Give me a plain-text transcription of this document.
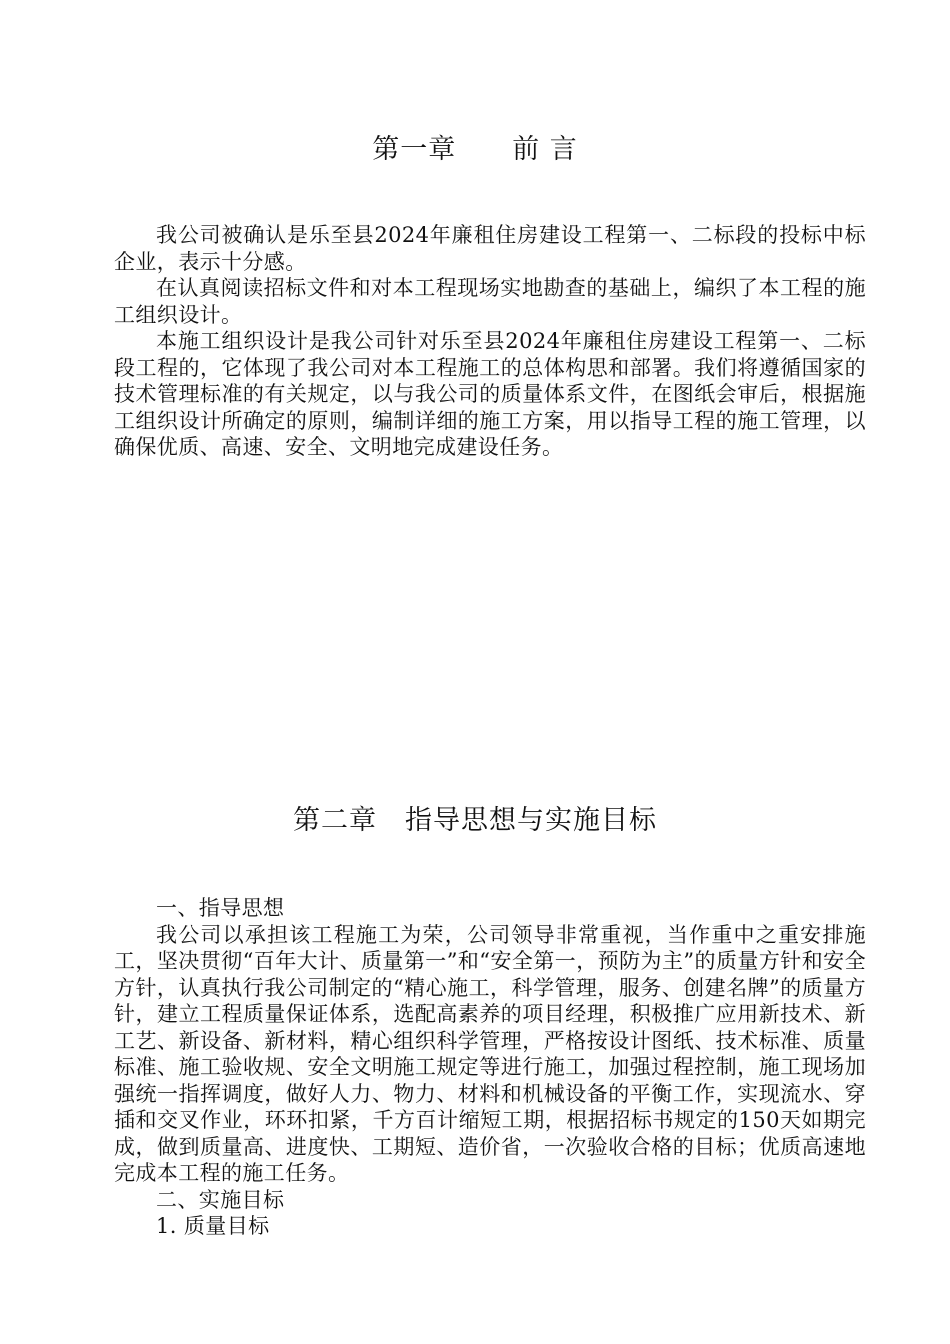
第一章　　前 言

我公司被确认是乐至县2024年廉租住房建设工程第一、二标段的投标中标企业，表示十分感。

在认真阅读招标文件和对本工程现场实地勘查的基础上，编织了本工程的施工组织设计。

本施工组织设计是我公司针对乐至县2024年廉租住房建设工程第一、二标段工程的，它体现了我公司对本工程施工的总体构思和部署。我们将遵循国家的技术管理标准的有关规定，以与我公司的质量体系文件，在图纸会审后，根据施工组织设计所确定的原则，编制详细的施工方案，用以指导工程的施工管理，以确保优质、高速、安全、文明地完成建设任务。

第二章　指导思想与实施目标

一、指导思想

我公司以承担该工程施工为荣，公司领导非常重视，当作重中之重安排施工，坚决贯彻“百年大计、质量第一”和“安全第一，预防为主”的质量方针和安全方针，认真执行我公司制定的“精心施工，科学管理，服务、创建名牌”的质量方针，建立工程质量保证体系，选配高素养的项目经理，积极推广应用新技术、新工艺、新设备、新材料，精心组织科学管理，严格按设计图纸、技术标准、质量标准、施工验收规、安全文明施工规定等进行施工，加强过程控制，施工现场加强统一指挥调度，做好人力、物力、材料和机械设备的平衡工作，实现流水、穿插和交叉作业，环环扣紧，千方百计缩短工期，根据招标书规定的150天如期完成，做到质量高、进度快、工期短、造价省，一次验收合格的目标；优质高速地完成本工程的施工任务。

二、实施目标

1. 质量目标
